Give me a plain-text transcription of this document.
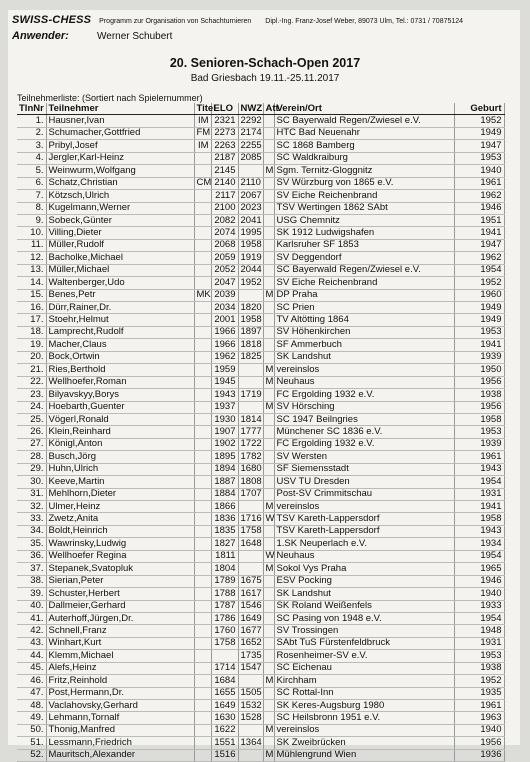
SWISS-CHESS Programm zur Organisation von Schachturnieren Dipl.-Ing. Franz-Josef Weber, 89073 Ulm, Tel.: 0731 / 70875124
Anwender:	Werner Schubert
20. Senioren-Schach-Open 2017
Bad Griesbach 19.11.-25.11.2017
Teilnehmerliste: (Sortiert nach Spielernummer)
TlnNr	Teilnehmer	Titel	ELO	NWZ	Att	Verein/Ort	Geburt
1.	Hausner,Ivan	IM	2321	2292		SC Bayerwald Regen/Zwiesel e.V.	1952
2.	Schumacher,Gottfried	FM	2273	2174		HTC Bad Neuenahr	1949
3.	Pribyl,Josef	IM	2263	2255		SC 1868 Bamberg	1947
4.	Jergler,Karl-Heinz		2187	2085		SC Waldkraiburg	1953
5.	Weinwurm,Wolfgang		2145		M	Sgm. Ternitz-Gloggnitz	1940
6.	Schatz,Christian	CM	2140	2110		SV Würzburg von 1865 e.V.	1961
7.	Kötzsch,Ulrich		2117	2067		SV Eiche Reichenbrand	1962
8.	Kugelmann,Werner		2100	2023		TSV Wertingen 1862 SAbt	1946
9.	Sobeck,Günter		2082	2041		USG Chemnitz	1951
10.	Villing,Dieter		2074	1995		SK 1912 Ludwigshafen	1941
11.	Müller,Rudolf		2068	1958		Karlsruher SF 1853	1947
12.	Bacholke,Michael		2059	1919		SV Deggendorf	1962
13.	Müller,Michael		2052	2044		SC Bayerwald Regen/Zwiesel e.V.	1954
14.	Waltenberger,Udo		2047	1952		SV Eiche Reichenbrand	1952
15.	Benes,Petr	MK	2039		M	DP Praha	1960
16.	Dürr,Rainer,Dr.		2034	1820		SC Prien	1949
17.	Stoehr,Helmut		2001	1958		TV Altötting 1864	1949
18.	Lamprecht,Rudolf		1966	1897		SV Höhenkirchen	1953
19.	Macher,Claus		1966	1818		SF Ammerbuch	1941
20.	Bock,Ortwin		1962	1825		SK Landshut	1939
21.	Ries,Berthold		1959		M	vereinslos	1950
22.	Wellhoefer,Roman		1945		M	Neuhaus	1956
23.	Bilyavskyy,Borys		1943	1719		FC Ergolding 1932 e.V.	1938
24.	Hoebarth,Guenter		1937		M	SV Hörsching	1956
25.	Vögerl,Ronald		1930	1814		SC 1947 Beilngries	1958
26.	Klein,Reinhard		1907	1777		Münchener SC 1836 e.V.	1953
27.	Königl,Anton		1902	1722		FC Ergolding 1932 e.V.	1939
28.	Busch,Jörg		1895	1782		SV Wersten	1961
29.	Huhn,Ulrich		1894	1680		SF Siemensstadt	1943
30.	Keeve,Martin		1887	1808		USV TU Dresden	1954
31.	Mehlhorn,Dieter		1884	1707		Post-SV Crimmitschau	1931
32.	Ulmer,Heinz		1866		M	vereinslos	1941
33.	Zwetz,Anita		1836	1716	W	TSV Kareth-Lappersdorf	1958
34.	Boldt,Heinrich		1835	1758		TSV Kareth-Lappersdorf	1943
35.	Wawrinsky,Ludwig		1827	1648		1.SK Neuperlach e.V.	1934
36.	Wellhoefer Regina		1811		W	Neuhaus	1954
37.	Stepanek,Svatopluk		1804		M	Sokol Vys Praha	1965
38.	Sierian,Peter		1789	1675		ESV Pocking	1946
39.	Schuster,Herbert		1788	1617		SK Landshut	1940
40.	Dallmeier,Gerhard		1787	1546		SK Roland Weißenfels	1933
41.	Auterhoff,Jürgen,Dr.		1786	1649		SC Pasing von 1948 e.V.	1954
42.	Schnell,Franz		1760	1677		SV Trossingen	1948
43.	Winhart,Kurt		1758	1652		SAbt TuS Fürstenfeldbruck	1931
44.	Klemm,Michael			1735		Rosenheimer-SV e.V.	1953
45.	Alefs,Heinz		1714	1547		SC Eichenau	1938
46.	Fritz,Reinhold		1684		M	Kirchham	1952
47.	Post,Hermann,Dr.		1655	1505		SC Rottal-Inn	1935
48.	Vaclahovsky,Gerhard		1649	1532		SK Keres-Augsburg 1980	1961
49.	Lehmann,Tornalf		1630	1528		SC Heilsbronn 1951 e.V.	1963
50.	Thonig,Manfred		1622		M	vereinslos	1940
51.	Lessmann,Friedrich		1551	1364		SK Zweibrücken	1956
52.	Mauritsch,Alexander		1516		M	Mühlengrund Wien	1936
